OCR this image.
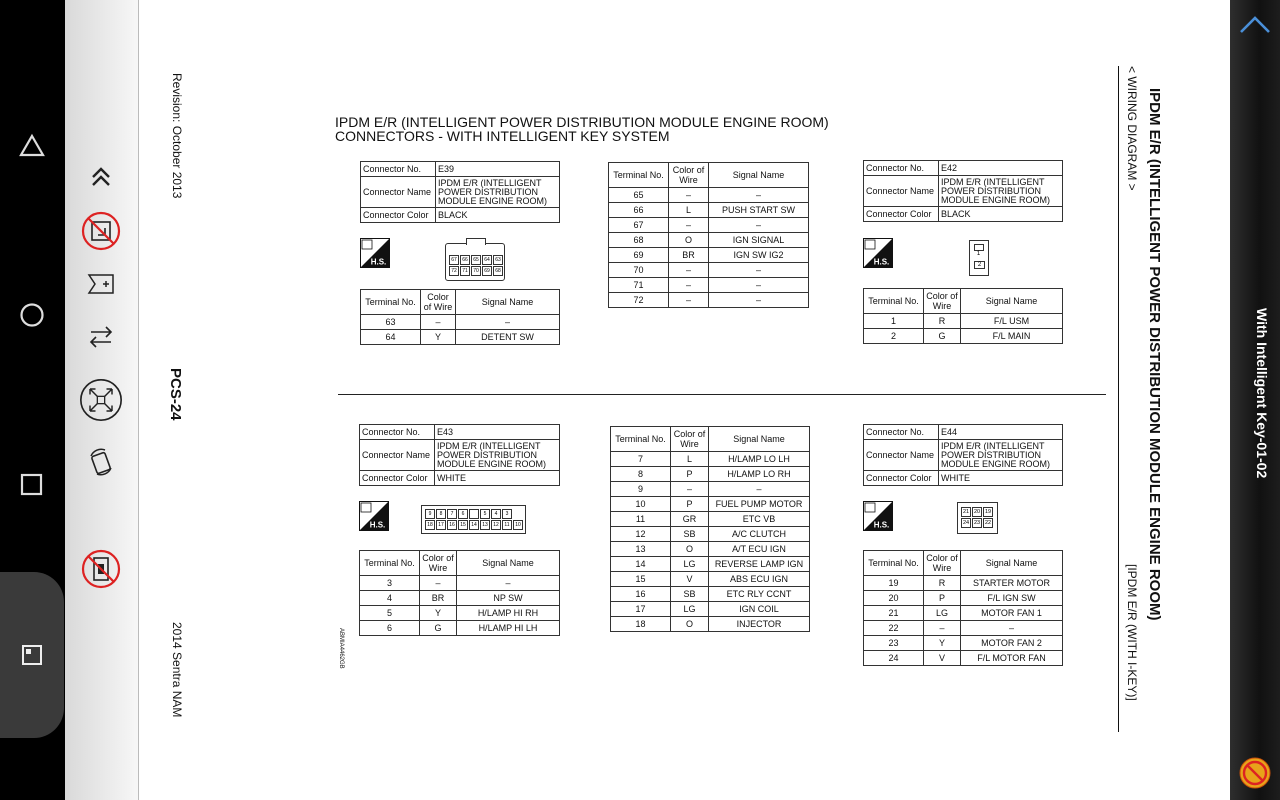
Revision: October 2013
PCS-24
2014 Sentra NAM	ABMIA4462GB
IPDM E/R (INTELLIGENT POWER DISTRIBUTION MODULE ENGINE ROOM)
< WIRING DIAGRAM >
[IPDM E/R (WITH I-KEY)]
IPDM E/R (INTELLIGENT POWER DISTRIBUTION MODULE ENGINE ROOM)
CONNECTORS - WITH INTELLIGENT KEY SYSTEM
Connector No.	E39
Connector Name	IPDM E/R (INTELLIGENT POWER DISTRIBUTION MODULE ENGINE ROOM)
Connector Color	BLACK
H.S.	67	66	65	64	63
72	71	70	69	68
Terminal No.	Color of Wire	Signal Name
63	–	–
64	Y	DETENT SW
Terminal No.	Color of Wire	Signal Name
65	–	–
66	L	PUSH START SW
67	–	–
68	O	IGN SIGNAL
69	BR	IGN SW IG2
70	–	–
71	–	–
72	–	–
Connector No.	E42
Connector Name	IPDM E/R (INTELLIGENT POWER DISTRIBUTION MODULE ENGINE ROOM)
Connector Color	BLACK
H.S.
1
2
Terminal No.	Color of Wire	Signal Name
1	R	F/L USM
2	G	F/L MAIN
Connector No.	E43
Connector Name	IPDM E/R (INTELLIGENT POWER DISTRIBUTION MODULE ENGINE ROOM)
Connector Color	WHITE
H.S.
9	8	7	6	5	4	3
18	17	16	15	14	13	12	11	10
Terminal No.	Color of Wire	Signal Name
3	–	–
4	BR	NP SW
5	Y	H/LAMP HI RH
6	G	H/LAMP HI LH
Terminal No.	Color of Wire	Signal Name
7	L	H/LAMP LO LH
8	P	H/LAMP LO RH
9	–	–
10	P	FUEL PUMP MOTOR
11	GR	ETC VB
12	SB	A/C CLUTCH
13	O	A/T ECU IGN
14	LG	REVERSE LAMP IGN
15	V	ABS ECU IGN
16	SB	ETC RLY CCNT
17	LG	IGN COIL
18	O	INJECTOR
Connector No.	E44
Connector Name	IPDM E/R (INTELLIGENT POWER DISTRIBUTION MODULE ENGINE ROOM)
Connector Color	WHITE
H.S.
21 20 19
24 23 22
Terminal No.	Color of Wire	Signal Name
19	R	STARTER MOTOR
20	P	F/L IGN SW
21	LG	MOTOR FAN 1
22	–	–
23	Y	MOTOR FAN 2
24	V	F/L MOTOR FAN
With Intelligent Key-01-02
